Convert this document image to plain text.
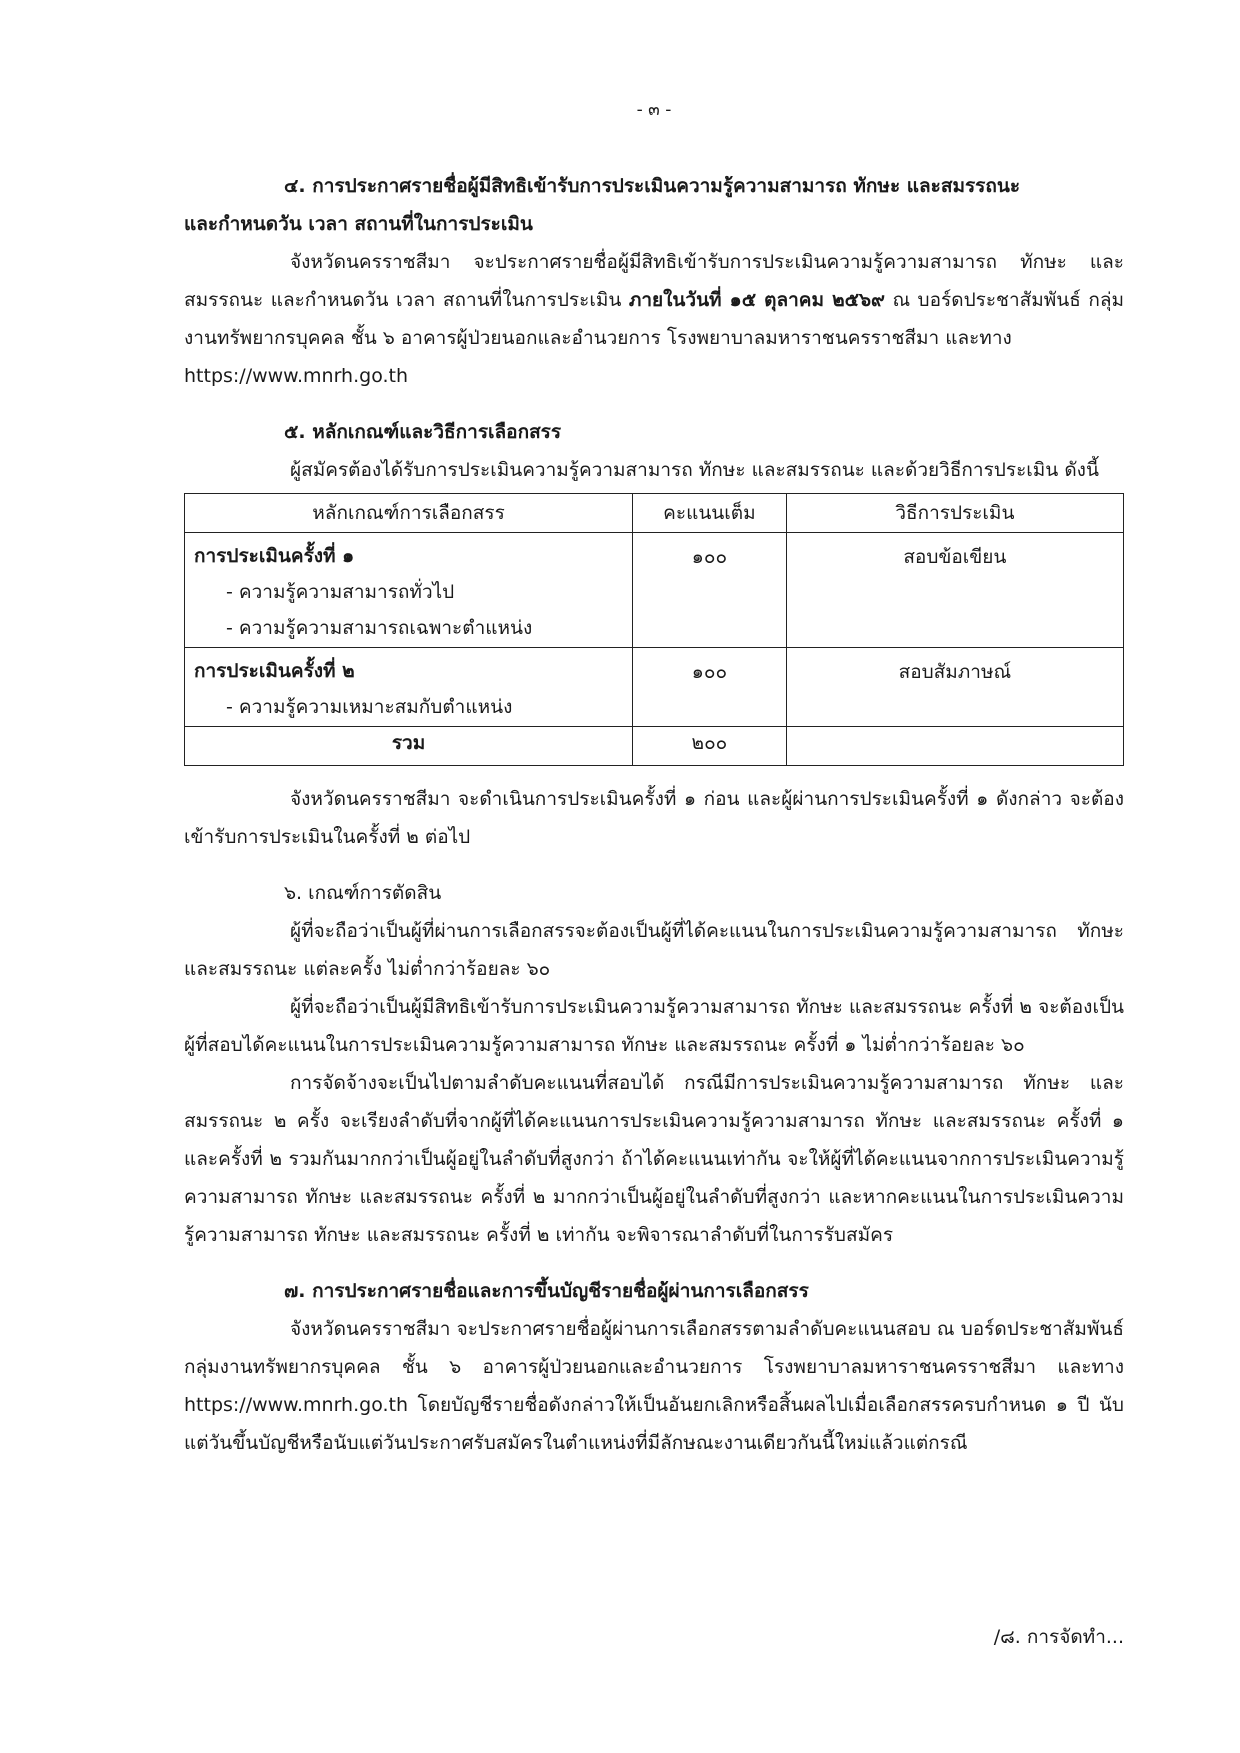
- ๓ -
๔. การประกาศรายชื่อผู้มีสิทธิเข้ารับการประเมินความรู้ความสามารถ ทักษะ และสมรรถนะ
และกำหนดวัน เวลา สถานที่ในการประเมิน
จังหวัดนครราชสีมา จะประกาศรายชื่อผู้มีสิทธิเข้ารับการประเมินความรู้ความสามารถ ทักษะ และสมรรถนะ และกำหนดวัน เวลา สถานที่ในการประเมิน ภายในวันที่ ๑๕ ตุลาคม ๒๕๖๙ ณ บอร์ดประชาสัมพันธ์ กลุ่มงานทรัพยากรบุคคล ชั้น ๖ อาคารผู้ป่วยนอกและอำนวยการ โรงพยาบาลมหาราชนครราชสีมา และทาง
https://www.mnrh.go.th
๕. หลักเกณฑ์และวิธีการเลือกสรร
ผู้สมัครต้องได้รับการประเมินความรู้ความสามารถ ทักษะ และสมรรถนะ และด้วยวิธีการประเมิน ดังนี้
หลักเกณฑ์การเลือกสรร	คะแนนเต็ม	วิธีการประเมิน

การประเมินครั้งที่ ๑
- ความรู้ความสามารถทั่วไป
- ความรู้ความสามารถเฉพาะตำแหน่ง	๑๐๐	สอบข้อเขียน

การประเมินครั้งที่ ๒
- ความรู้ความเหมาะสมกับตำแหน่ง	๑๐๐	สอบสัมภาษณ์
รวม	๒๐๐	
จังหวัดนครราชสีมา จะดำเนินการประเมินครั้งที่ ๑ ก่อน และผู้ผ่านการประเมินครั้งที่ ๑ ดังกล่าว จะต้องเข้ารับการประเมินในครั้งที่ ๒ ต่อไป
๖. เกณฑ์การตัดสิน
ผู้ที่จะถือว่าเป็นผู้ที่ผ่านการเลือกสรรจะต้องเป็นผู้ที่ได้คะแนนในการประเมินความรู้ความสามารถ ทักษะ และสมรรถนะ แต่ละครั้ง ไม่ต่ำกว่าร้อยละ ๖๐
ผู้ที่จะถือว่าเป็นผู้มีสิทธิเข้ารับการประเมินความรู้ความสามารถ ทักษะ และสมรรถนะ ครั้งที่ ๒ จะต้องเป็นผู้ที่สอบได้คะแนนในการประเมินความรู้ความสามารถ ทักษะ และสมรรถนะ ครั้งที่ ๑ ไม่ต่ำกว่าร้อยละ ๖๐
การจัดจ้างจะเป็นไปตามลำดับคะแนนที่สอบได้ กรณีมีการประเมินความรู้ความสามารถ ทักษะ และสมรรถนะ ๒ ครั้ง จะเรียงลำดับที่จากผู้ที่ได้คะแนนการประเมินความรู้ความสามารถ ทักษะ และสมรรถนะ ครั้งที่ ๑ และครั้งที่ ๒ รวมกันมากกว่าเป็นผู้อยู่ในลำดับที่สูงกว่า ถ้าได้คะแนนเท่ากัน จะให้ผู้ที่ได้คะแนนจากการประเมินความรู้ความสามารถ ทักษะ และสมรรถนะ ครั้งที่ ๒ มากกว่าเป็นผู้อยู่ในลำดับที่สูงกว่า และหากคะแนนในการประเมินความรู้ความสามารถ ทักษะ และสมรรถนะ ครั้งที่ ๒ เท่ากัน จะพิจารณาลำดับที่ในการรับสมัคร
๗. การประกาศรายชื่อและการขึ้นบัญชีรายชื่อผู้ผ่านการเลือกสรร
จังหวัดนครราชสีมา จะประกาศรายชื่อผู้ผ่านการเลือกสรรตามลำดับคะแนนสอบ ณ บอร์ดประชาสัมพันธ์ กลุ่มงานทรัพยากรบุคคล ชั้น ๖ อาคารผู้ป่วยนอกและอำนวยการ โรงพยาบาลมหาราชนครราชสีมา และทาง https://www.mnrh.go.th โดยบัญชีรายชื่อดังกล่าวให้เป็นอันยกเลิกหรือสิ้นผลไปเมื่อเลือกสรรครบกำหนด ๑ ปี นับแต่วันขึ้นบัญชีหรือนับแต่วันประกาศรับสมัครในตำแหน่งที่มีลักษณะงานเดียวกันนี้ใหม่แล้วแต่กรณี
/๘. การจัดทำ...
